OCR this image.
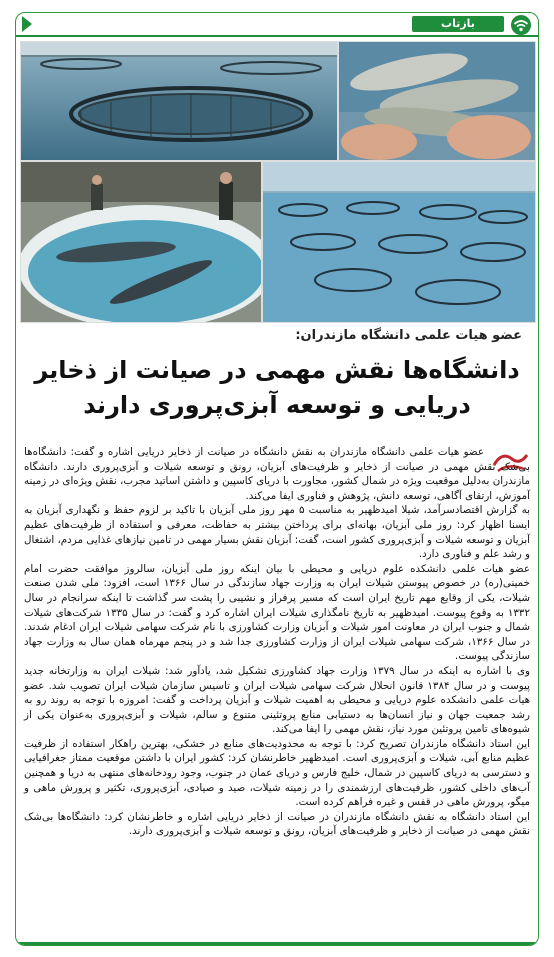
بازتاب
عضو هیات علمی دانشگاه مازندران:
دانشگاه‌ها نقش مهمی در صیانت از ذخایر دریایی و توسعه آبزی‌پروری دارند

عضو هیات علمی دانشگاه مازندران به نقش دانشگاه در صیانت از ذخایر دریایی اشاره و گفت: دانشگاه‌ها بی‌شک نقش مهمی در صیانت از ذخایر و ظرفیت‌های آبزیان، رونق و توسعه شیلات و آبزی‌پروری دارند. دانشگاه مازندران به‌دلیل موقعیت ویژه در شمال کشور، مجاورت با دریای کاسپین و داشتن اساتید مجرب، نقش ویژه‌ای در زمینه آموزش، ارتقای آگاهی، توسعه دانش، پژوهش و فناوری ایفا می‌کند.

به گزارش اقتصادسرآمد، شیلا امیدظهیر به مناسبت ۵ مهر روز ملی آبزیان با تاکید بر لزوم حفظ و نگهداری آبزیان به ایسنا اظهار کرد: روز ملی آبزیان، بهانه‌ای برای پرداختن بیشتر به حفاظت، معرفی و استفاده از ظرفیت‌های عظیم آبزیان و توسعه شیلات و آبزی‌پروری کشور است، گفت: آبزیان نقش بسیار مهمی در تامین نیازهای غذایی مردم، اشتغال و رشد علم و فناوری دارد.

عضو هیات علمی دانشکده علوم دریایی و محیطی با بیان اینکه روز ملی آبزیان، سالروز موافقت حضرت امام خمینی(ره) در خصوص پیوستن شیلات ایران به وزارت جهاد سازندگی در سال ۱۳۶۶ است، افزود: ملی شدن صنعت شیلات، یکی از وقایع مهم تاریخ ایران است که مسیر پرفراز و نشیبی را پشت سر گذاشت تا اینکه سرانجام در سال ۱۳۳۲ به وقوع پیوست. امیدظهیر به تاریخ نامگذاری شیلات ایران اشاره کرد و گفت: در سال ۱۳۳۵ شرکت‌های شیلات شمال و جنوب ایران در معاونت امور شیلات و آبزیان وزارت کشاورزی با نام شرکت سهامی شیلات ایران ادغام شدند. در سال ۱۳۶۶، شرکت سهامی شیلات ایران از وزارت کشاورزی جدا شد و در پنجم مهرماه همان سال به وزارت جهاد سازندگی پیوست.

وی با اشاره به اینکه در سال ۱۳۷۹ وزارت جهاد کشاورزی تشکیل شد، یادآور شد: شیلات ایران به وزارتخانه جدید پیوست و در سال ۱۳۸۴ قانون انحلال شرکت سهامی شیلات ایران و تاسیس سازمان شیلات ایران تصویب شد. عضو هیات علمی دانشکده علوم دریایی و محیطی به اهمیت شیلات و آبزیان پرداخت و گفت: امروزه با توجه به روند رو به رشد جمعیت جهان و نیاز انسان‌ها به دستیابی منابع پروتئینی متنوع و سالم، شیلات و آبزی‌پروری به‌عنوان یکی از شیوه‌های تامین پروتئین مورد نیاز، نقش مهمی را ایفا می‌کند.

این استاد دانشگاه مازندران تصریح کرد: با توجه به محدودیت‌های منابع در خشکی، بهترین راهکار استفاده از ظرفیت عظیم منابع آبی، شیلات و آبزی‌پروری است. امیدظهیر خاطرنشان کرد: کشور ایران با داشتن موقعیت ممتاز جغرافیایی و دسترسی به دریای کاسپین در شمال، خلیج فارس و دریای عمان در جنوب، وجود رودخانه‌های منتهی به دریا و همچنین آب‌های داخلی کشور، ظرفیت‌های ارزشمندی را در زمینه شیلات، صید و صیادی، آبزی‌پروری، تکثیر و پرورش ماهی و میگو، پرورش ماهی در قفس و غیره فراهم کرده است.

این استاد دانشگاه به نقش دانشگاه مازندران در صیانت از ذخایر دریایی اشاره و خاطرنشان کرد: دانشگاه‌ها بی‌شک نقش مهمی در صیانت از ذخایر و ظرفیت‌های آبزیان، رونق و توسعه شیلات و آبزی‌پروری دارند.
